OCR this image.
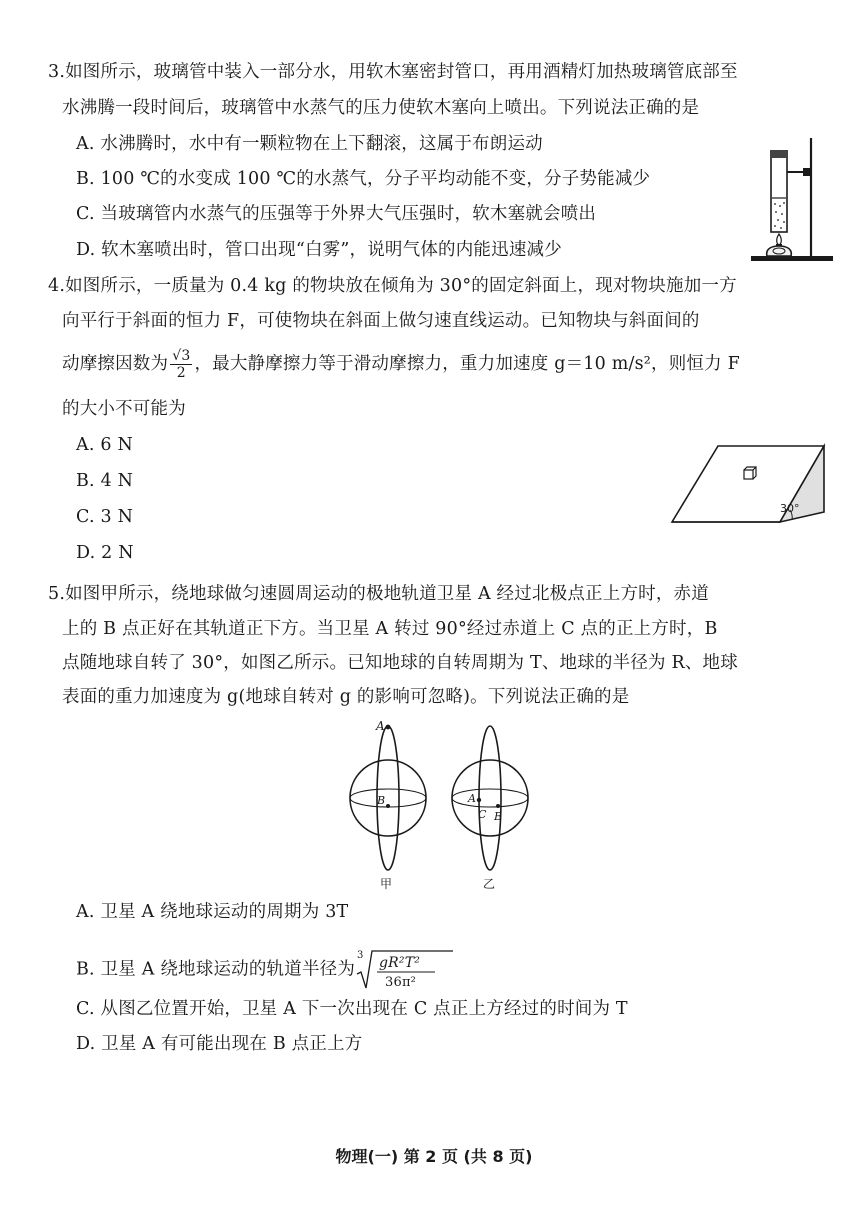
3.如图所示，玻璃管中装入一部分水，用软木塞密封管口，再用酒精灯加热玻璃管底部至
水沸腾一段时间后，玻璃管中水蒸气的压力使软木塞向上喷出。下列说法正确的是
A. 水沸腾时，水中有一颗粒物在上下翻滚，这属于布朗运动
B. 100 ℃的水变成 100 ℃的水蒸气，分子平均动能不变，分子势能减少
C. 当玻璃管内水蒸气的压强等于外界大气压强时，软木塞就会喷出
D. 软木塞喷出时，管口出现“白雾”，说明气体的内能迅速减少
4.如图所示，一质量为 0.4 kg 的物块放在倾角为 30°的固定斜面上，现对物块施加一方
向平行于斜面的恒力 F，可使物块在斜面上做匀速直线运动。已知物块与斜面间的
动摩擦因数为 $\frac{√3}{2}$ ，最大静摩擦力等于滑动摩擦力，重力加速度 g＝10 m/s²，则恒力 F
的大小不可能为
A. 6 N
B. 4 N
C. 3 N
D. 2 N
30°
5.如图甲所示，绕地球做匀速圆周运动的极地轨道卫星 A 经过北极点正上方时，赤道
上的 B 点正好在其轨道正下方。当卫星 A 转过 90°经过赤道上 C 点的正上方时，B
点随地球自转了 30°，如图乙所示。已知地球的自转周期为 T、地球的半径为 R、地球
表面的重力加速度为 g(地球自转对 g 的影响可忽略)。下列说法正确的是
A
B
甲
A
C B
乙
A. 卫星 A 绕地球运动的周期为 3T
B. 卫星 A 绕地球运动的轨道半径为
3 gR²T²
36π²
C. 从图乙位置开始，卫星 A 下一次出现在 C 点正上方经过的时间为 T
D. 卫星 A 有可能出现在 B 点正上方
物理(一) 第 2 页 (共 8 页)
